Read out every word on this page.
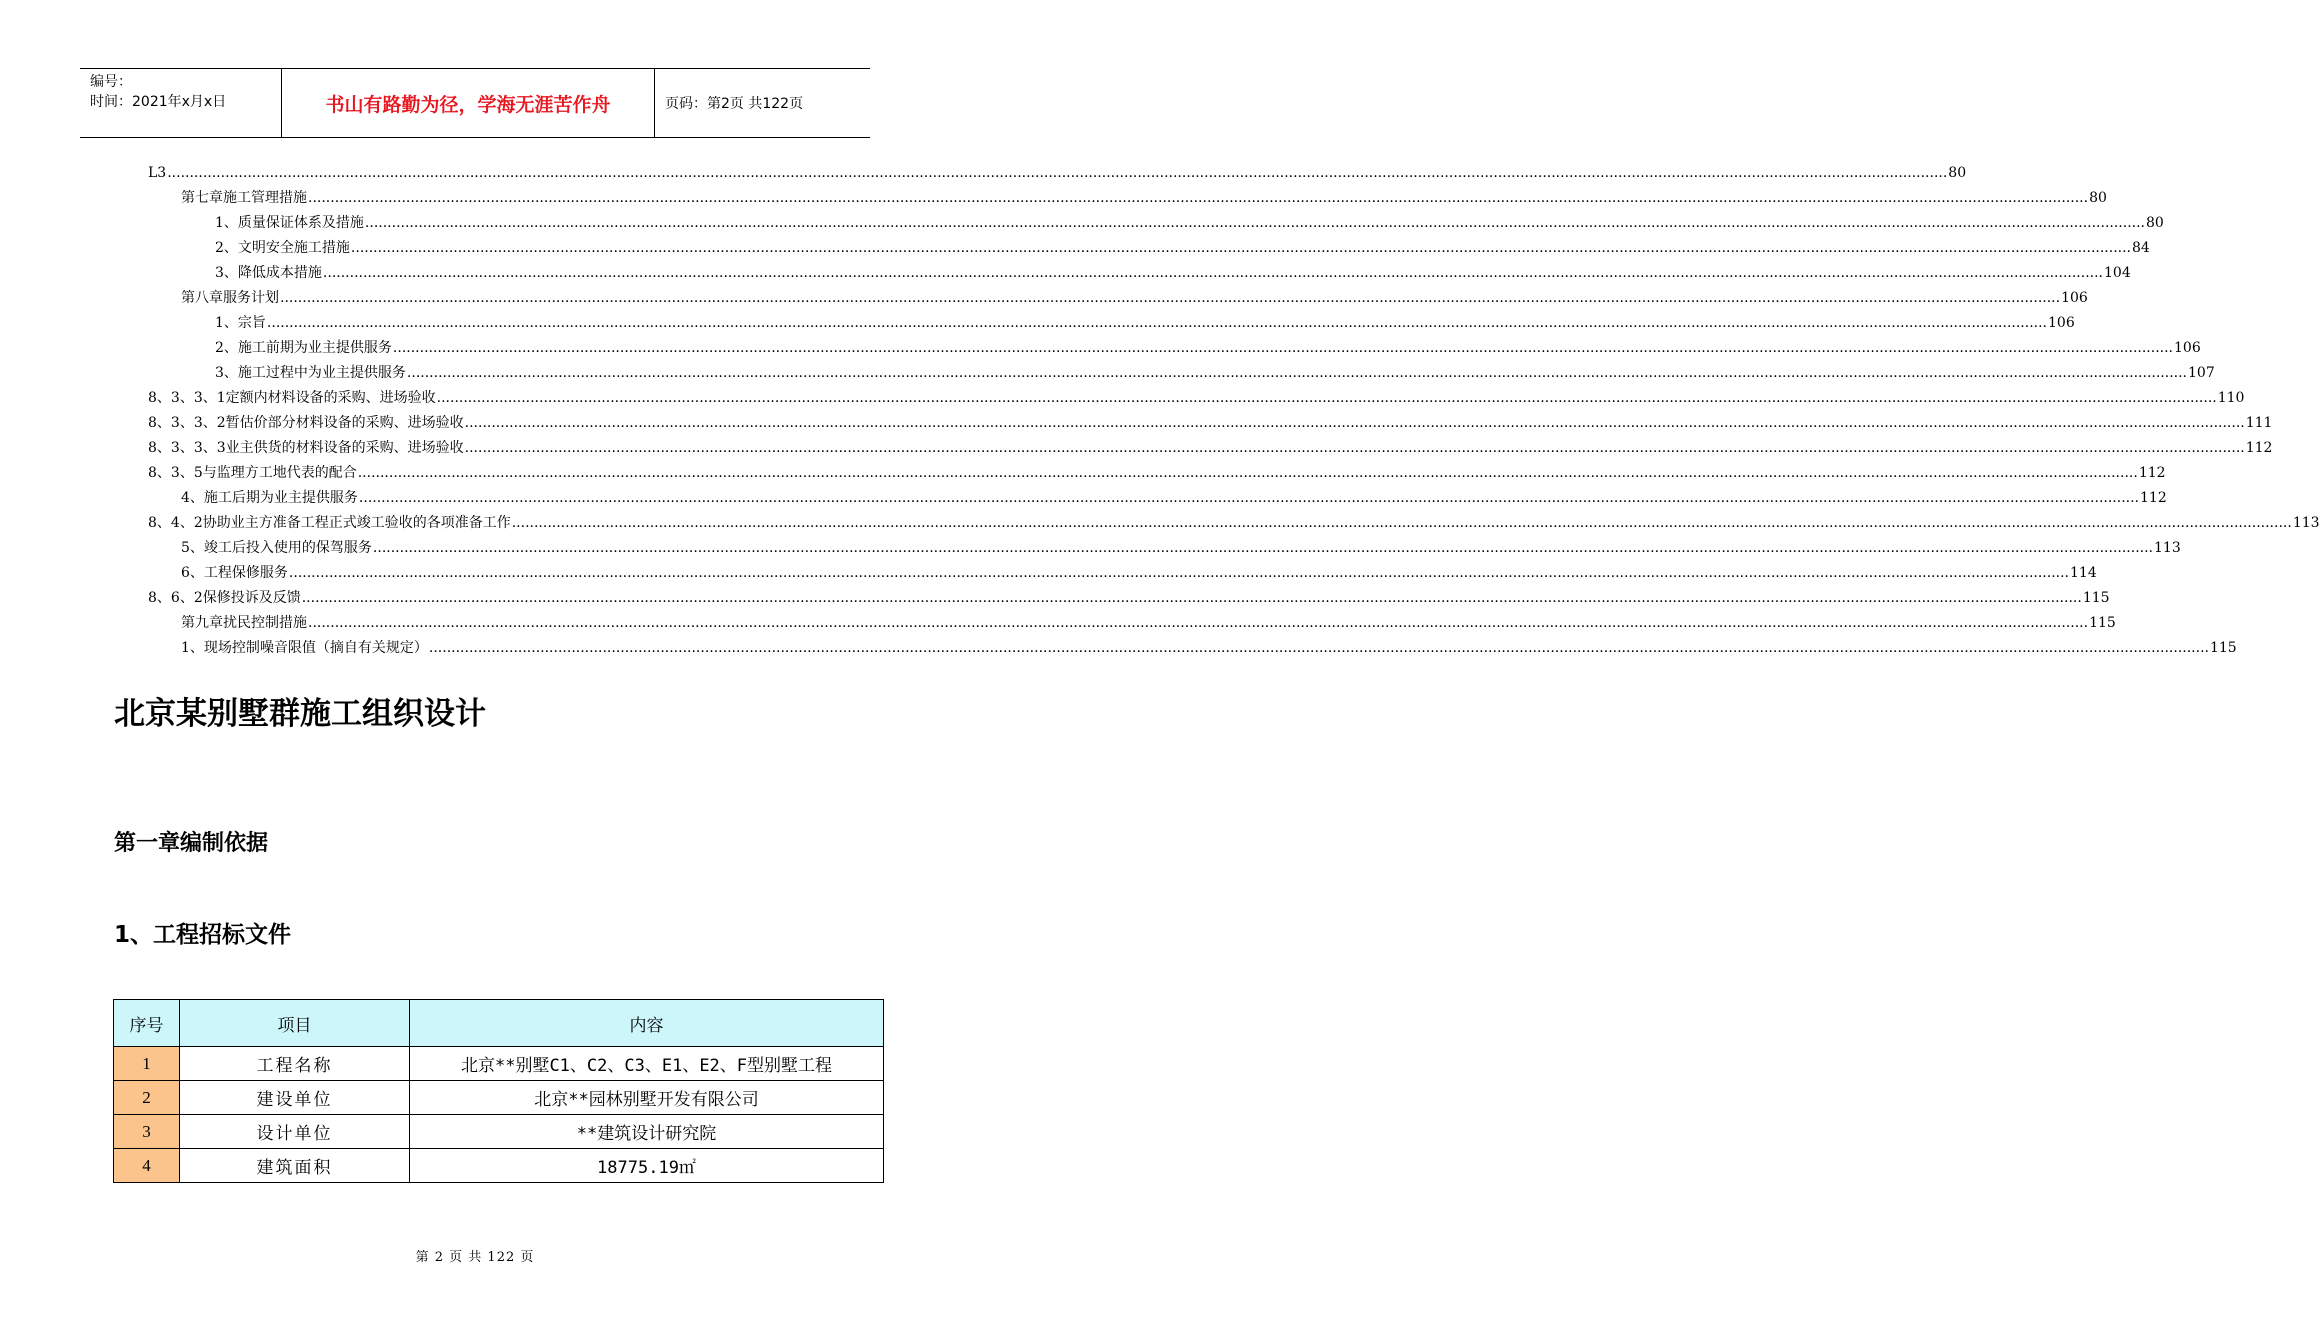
编号：
时间：2021年x月x日	书山有路勤为径，学海无涯苦作舟	页码：第2页 共122页
L3 ................................................................................................................................................................................................................................................................................................................................................................................................................ 80
第七章施工管理措施 ................................................................................................................................................................................................................................................................................................................................................................................................................ 80
1、质量保证体系及措施 ................................................................................................................................................................................................................................................................................................................................................................................................................ 80
2、文明安全施工措施 ................................................................................................................................................................................................................................................................................................................................................................................................................ 84
3、降低成本措施 ................................................................................................................................................................................................................................................................................................................................................................................................................ 104
第八章服务计划 ................................................................................................................................................................................................................................................................................................................................................................................................................ 106
1、宗旨 ................................................................................................................................................................................................................................................................................................................................................................................................................ 106
2、施工前期为业主提供服务 ................................................................................................................................................................................................................................................................................................................................................................................................................ 106
3、施工过程中为业主提供服务 ................................................................................................................................................................................................................................................................................................................................................................................................................ 107
8、3、3、1定额内材料设备的采购、进场验收 ................................................................................................................................................................................................................................................................................................................................................................................................................ 110
8、3、3、2暂估价部分材料设备的采购、进场验收 ................................................................................................................................................................................................................................................................................................................................................................................................................ 111
8、3、3、3业主供货的材料设备的采购、进场验收 ................................................................................................................................................................................................................................................................................................................................................................................................................ 112
8、3、5与监理方工地代表的配合 ................................................................................................................................................................................................................................................................................................................................................................................................................ 112
4、施工后期为业主提供服务 ................................................................................................................................................................................................................................................................................................................................................................................................................ 112
8、4、2协助业主方准备工程正式竣工验收的各项准备工作 ................................................................................................................................................................................................................................................................................................................................................................................................................ 113
5、竣工后投入使用的保驾服务 ................................................................................................................................................................................................................................................................................................................................................................................................................ 113
6、工程保修服务 ................................................................................................................................................................................................................................................................................................................................................................................................................ 114
8、6、2保修投诉及反馈 ................................................................................................................................................................................................................................................................................................................................................................................................................ 115
第九章扰民控制措施 ................................................................................................................................................................................................................................................................................................................................................................................................................ 115
1、现场控制噪音限值（摘自有关规定） ................................................................................................................................................................................................................................................................................................................................................................................................................ 115
北京某别墅群施工组织设计
第一章编制依据
1、工程招标文件
序号	项目	内容
1	工程名称	北京**别墅C1、C2、C3、E1、E2、F型别墅工程
2	建设单位	北京**园林别墅开发有限公司
3	设计单位	**建筑设计研究院
4	建筑面积	18775.19㎡
第 2 页 共 122 页
